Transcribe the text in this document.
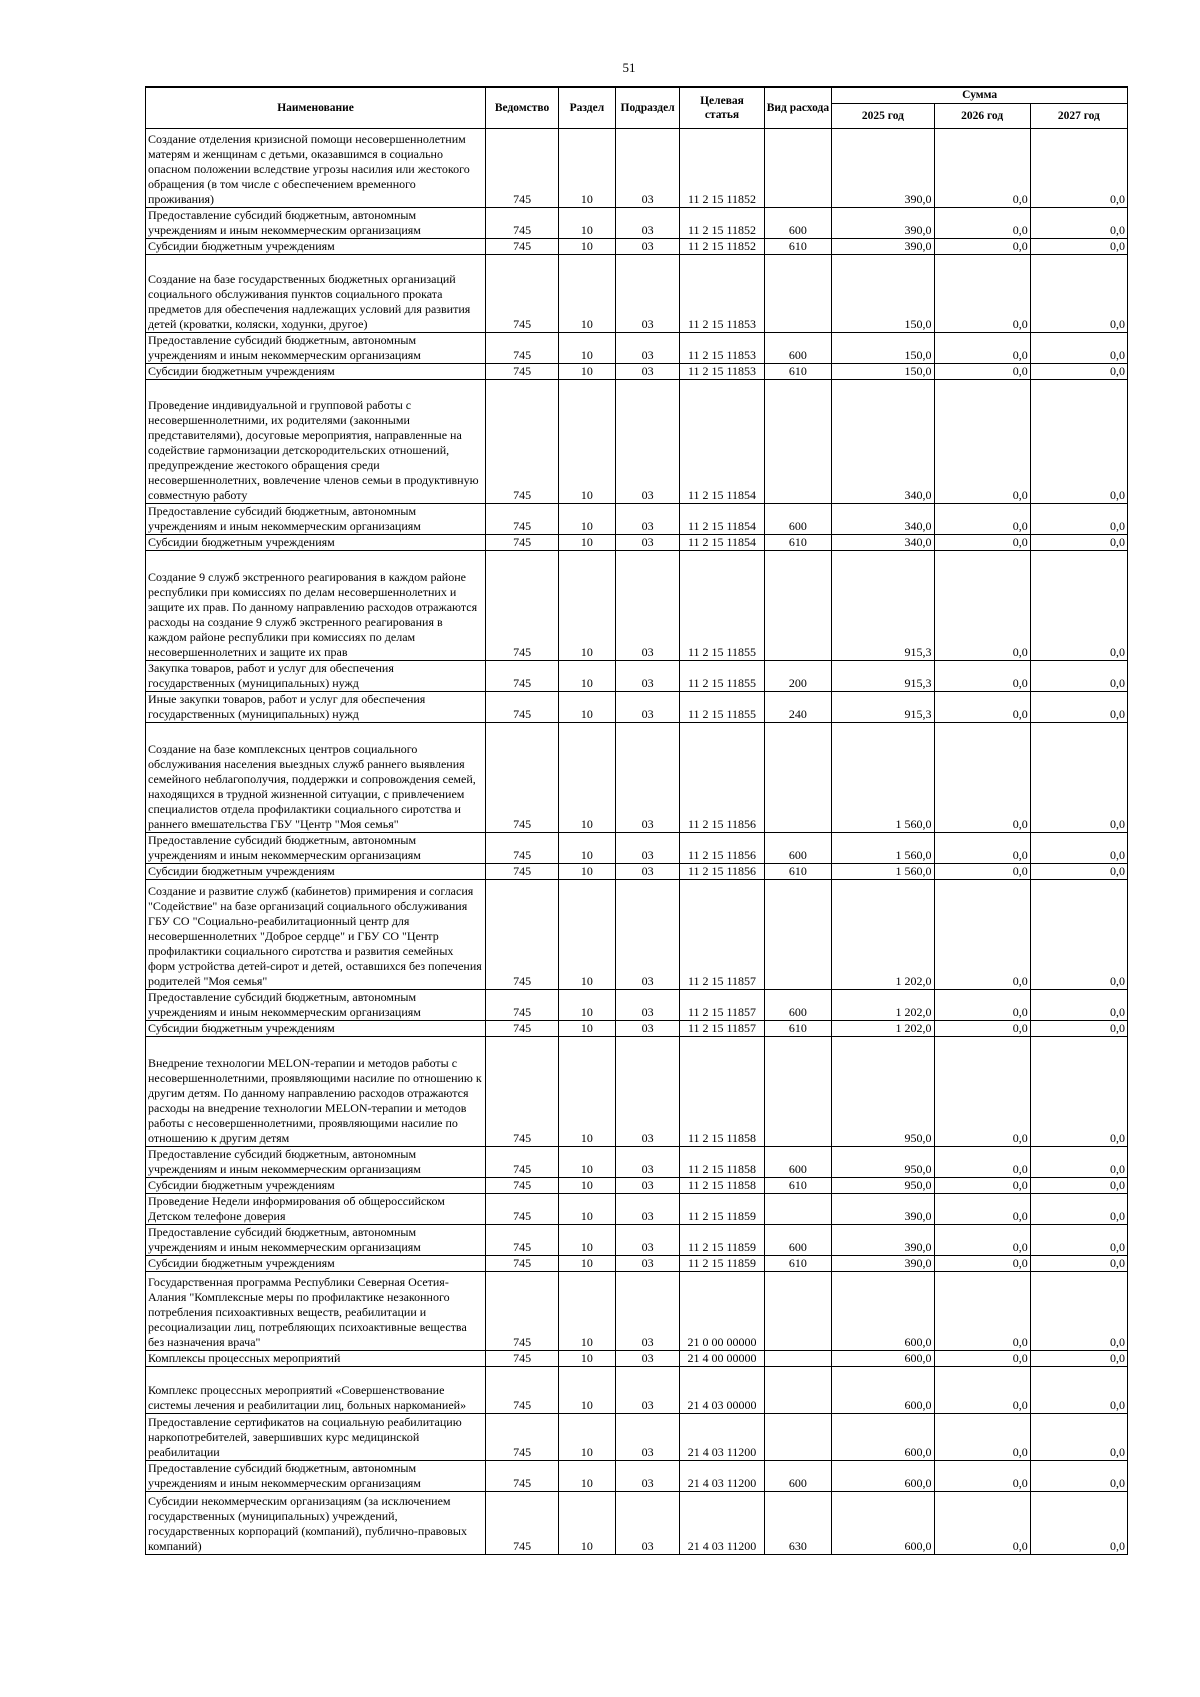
51
Наименование	Ведомство	Раздел	Подраздел	Целевая статья	Вид расхода	Сумма		
						2025 год	2026 год	2027 год
Создание отделения кризисной помощи несовершеннолетним матерям и женщинам с детьми, оказавшимся в социально опасном положении вследствие угрозы насилия или жестокого обращения (в том числе с обеспечением временного проживания)	745	10	03	11 2 15 11852		390,0	0,0	0,0
Предоставление субсидий бюджетным, автономным учреждениям и иным некоммерческим организациям	745	10	03	11 2 15 11852	600	390,0	0,0	0,0
Субсидии бюджетным учреждениям	745	10	03	11 2 15 11852	610	390,0	0,0	0,0
Создание на базе государственных бюджетных организаций социального обслуживания пунктов социального проката предметов для обеспечения надлежащих условий для развития детей (кроватки, коляски, ходунки, другое)	745	10	03	11 2 15 11853		150,0	0,0	0,0
Предоставление субсидий бюджетным, автономным учреждениям и иным некоммерческим организациям	745	10	03	11 2 15 11853	600	150,0	0,0	0,0
Субсидии бюджетным учреждениям	745	10	03	11 2 15 11853	610	150,0	0,0	0,0
Проведение индивидуальной и групповой работы с несовершеннолетними, их родителями (законными представителями), досуговые мероприятия, направленные на содействие гармонизации детскородительских отношений, предупреждение жестокого обращения среди несовершеннолетних, вовлечение членов семьи в продуктивную совместную работу	745	10	03	11 2 15 11854		340,0	0,0	0,0
Предоставление субсидий бюджетным, автономным учреждениям и иным некоммерческим организациям	745	10	03	11 2 15 11854	600	340,0	0,0	0,0
Субсидии бюджетным учреждениям	745	10	03	11 2 15 11854	610	340,0	0,0	0,0
Создание 9 служб экстренного реагирования в каждом районе республики при комиссиях по делам несовершеннолетних и защите их прав. По данному направлению расходов отражаются расходы на создание 9 служб экстренного реагирования в каждом районе республики при комиссиях по делам несовершеннолетних и защите их прав	745	10	03	11 2 15 11855		915,3	0,0	0,0
Закупка товаров, работ и услуг для обеспечения государственных (муниципальных) нужд	745	10	03	11 2 15 11855	200	915,3	0,0	0,0
Иные закупки товаров, работ и услуг для обеспечения государственных (муниципальных) нужд	745	10	03	11 2 15 11855	240	915,3	0,0	0,0
Создание на базе комплексных центров социального обслуживания населения выездных служб раннего выявления семейного неблагополучия, поддержки и сопровождения семей, находящихся в трудной жизненной ситуации, с привлечением специалистов отдела профилактики социального сиротства и раннего вмешательства ГБУ "Центр "Моя семья"	745	10	03	11 2 15 11856		1 560,0	0,0	0,0
Предоставление субсидий бюджетным, автономным учреждениям и иным некоммерческим организациям	745	10	03	11 2 15 11856	600	1 560,0	0,0	0,0
Субсидии бюджетным учреждениям	745	10	03	11 2 15 11856	610	1 560,0	0,0	0,0
Создание и развитие служб (кабинетов) примирения и согласия "Содействие" на базе организаций социального обслуживания ГБУ СО "Социально-реабилитационный центр для несовершеннолетних "Доброе сердце" и ГБУ СО "Центр профилактики социального сиротства и развития семейных форм устройства детей-сирот и детей, оставшихся без попечения родителей "Моя семья"	745	10	03	11 2 15 11857		1 202,0	0,0	0,0
Предоставление субсидий бюджетным, автономным учреждениям и иным некоммерческим организациям	745	10	03	11 2 15 11857	600	1 202,0	0,0	0,0
Субсидии бюджетным учреждениям	745	10	03	11 2 15 11857	610	1 202,0	0,0	0,0
Внедрение технологии MELON-терапии и методов работы с несовершеннолетними, проявляющими насилие по отношению к другим детям. По данному направлению расходов отражаются расходы на внедрение технологии MELON-терапии и методов работы с несовершеннолетними, проявляющими насилие по отношению к другим детям	745	10	03	11 2 15 11858		950,0	0,0	0,0
Предоставление субсидий бюджетным, автономным учреждениям и иным некоммерческим организациям	745	10	03	11 2 15 11858	600	950,0	0,0	0,0
Субсидии бюджетным учреждениям	745	10	03	11 2 15 11858	610	950,0	0,0	0,0
Проведение Недели информирования об общероссийском Детском телефоне доверия	745	10	03	11 2 15 11859		390,0	0,0	0,0
Предоставление субсидий бюджетным, автономным учреждениям и иным некоммерческим организациям	745	10	03	11 2 15 11859	600	390,0	0,0	0,0
Субсидии бюджетным учреждениям	745	10	03	11 2 15 11859	610	390,0	0,0	0,0
Государственная программа Республики Северная Осетия-Алания "Комплексные меры по профилактике незаконного потребления психоактивных веществ, реабилитации и ресоциализации лиц, потребляющих психоактивные вещества без назначения врача"	745	10	03	21 0 00 00000		600,0	0,0	0,0
Комплексы процессных мероприятий	745	10	03	21 4 00 00000		600,0	0,0	0,0
Комплекс процессных мероприятий «Совершенствование системы лечения и реабилитации лиц, больных наркоманией»	745	10	03	21 4 03 00000		600,0	0,0	0,0
Предоставление сертификатов на социальную реабилитацию наркопотребителей, завершивших курс медицинской реабилитации	745	10	03	21 4 03 11200		600,0	0,0	0,0
Предоставление субсидий бюджетным, автономным учреждениям и иным некоммерческим организациям	745	10	03	21 4 03 11200	600	600,0	0,0	0,0
Субсидии некоммерческим организациям (за исключением государственных (муниципальных) учреждений, государственных корпораций (компаний), публично-правовых компаний)	745	10	03	21 4 03 11200	630	600,0	0,0	0,0
